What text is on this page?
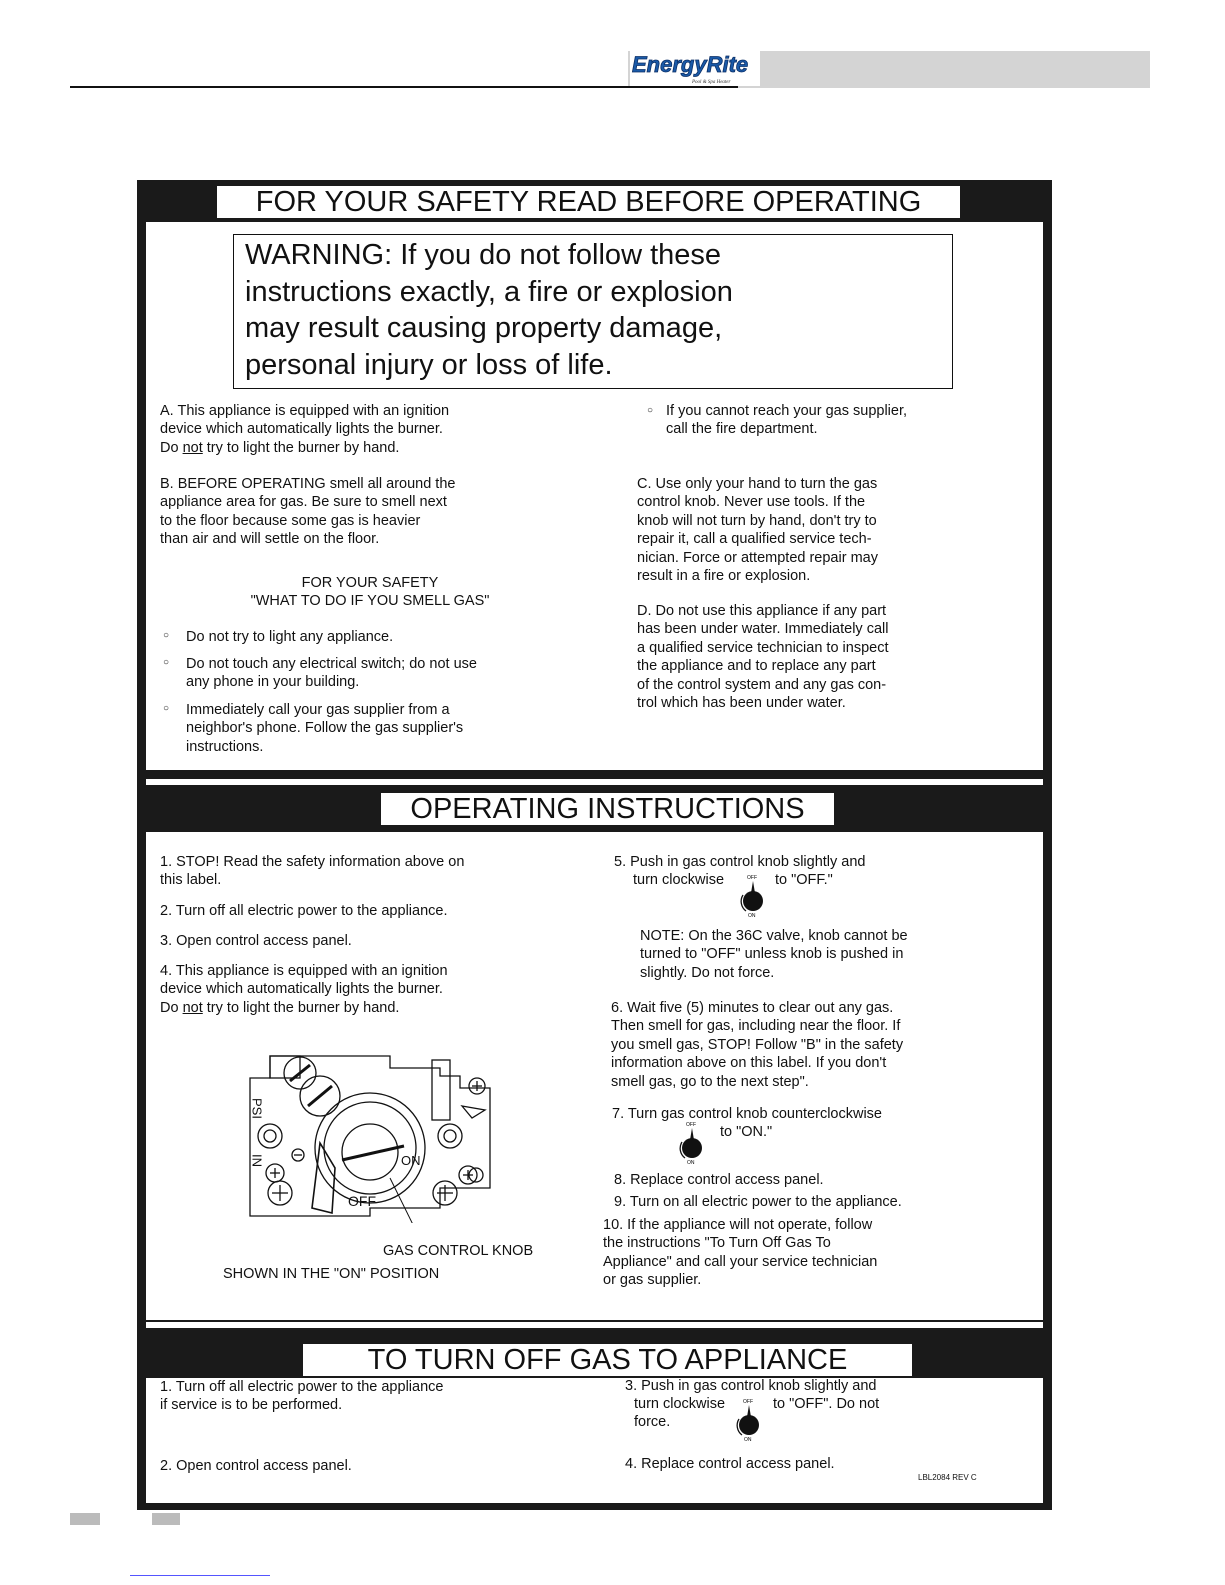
EnergyRite
Pool & Spa Heater
FOR YOUR SAFETY READ BEFORE OPERATING
WARNING: If you do not follow these
instructions exactly, a fire or explosion
may result causing property damage,
personal injury or loss of life.
A. This appliance is equipped with an ignition
device which automatically lights the burner.
Do not try to light the burner by hand.
B. BEFORE OPERATING smell all around the
appliance area for gas. Be sure to smell next
to the floor because some gas is heavier
than air and will settle on the floor.
FOR YOUR SAFETY
"WHAT TO DO IF YOU SMELL GAS"
○ Do not try to light any appliance.
○ Do not touch any electrical switch; do not use
any phone in your building.
○ Immediately call your gas supplier from a
neighbor's phone. Follow the gas supplier's
instructions.
○ If you cannot reach your gas supplier,
call the fire department.
C. Use only your hand to turn the gas
control knob. Never use tools. If the
knob will not turn by hand, don't try to
repair it, call a qualified service tech-
nician. Force or attempted repair may
result in a fire or explosion.
D. Do not use this appliance if any part
has been under water. Immediately call
a qualified service technician to inspect
the appliance and to replace any part
of the control system and any gas con-
trol which has been under water.
OPERATING INSTRUCTIONS
1. STOP! Read the safety information above on
this label.
2. Turn off all electric power to the appliance.
3. Open control access panel.
4. This appliance is equipped with an ignition
device which automatically lights the burner.
Do not try to light the burner by hand.
PSI
IN	ON
OFF
GAS CONTROL KNOB
SHOWN IN THE "ON" POSITION
5. Push in gas control knob slightly and
turn clockwise	OFF
ON
to "OFF."
NOTE: On the 36C valve, knob cannot be
turned to "OFF" unless knob is pushed in
slightly. Do not force.
6. Wait five (5) minutes to clear out any gas.
Then smell for gas, including near the floor. If
you smell gas, STOP! Follow "B" in the safety
information above on this label. If you don't
smell gas, go to the next step".
7. Turn gas control knob counterclockwise
OFF
ON
to "ON."
8. Replace control access panel.
9. Turn on all electric power to the appliance.
10. If the appliance will not operate, follow
the instructions "To Turn Off Gas To
Appliance" and call your service technician
or gas supplier.
TO TURN OFF GAS TO APPLIANCE
1. Turn off all electric power to the appliance
if service is to be performed.
2. Open control access panel.
3. Push in gas control knob slightly and
turn clockwise	OFF
ON
to "OFF". Do not
force.
4. Replace control access panel.
LBL2084 REV C
